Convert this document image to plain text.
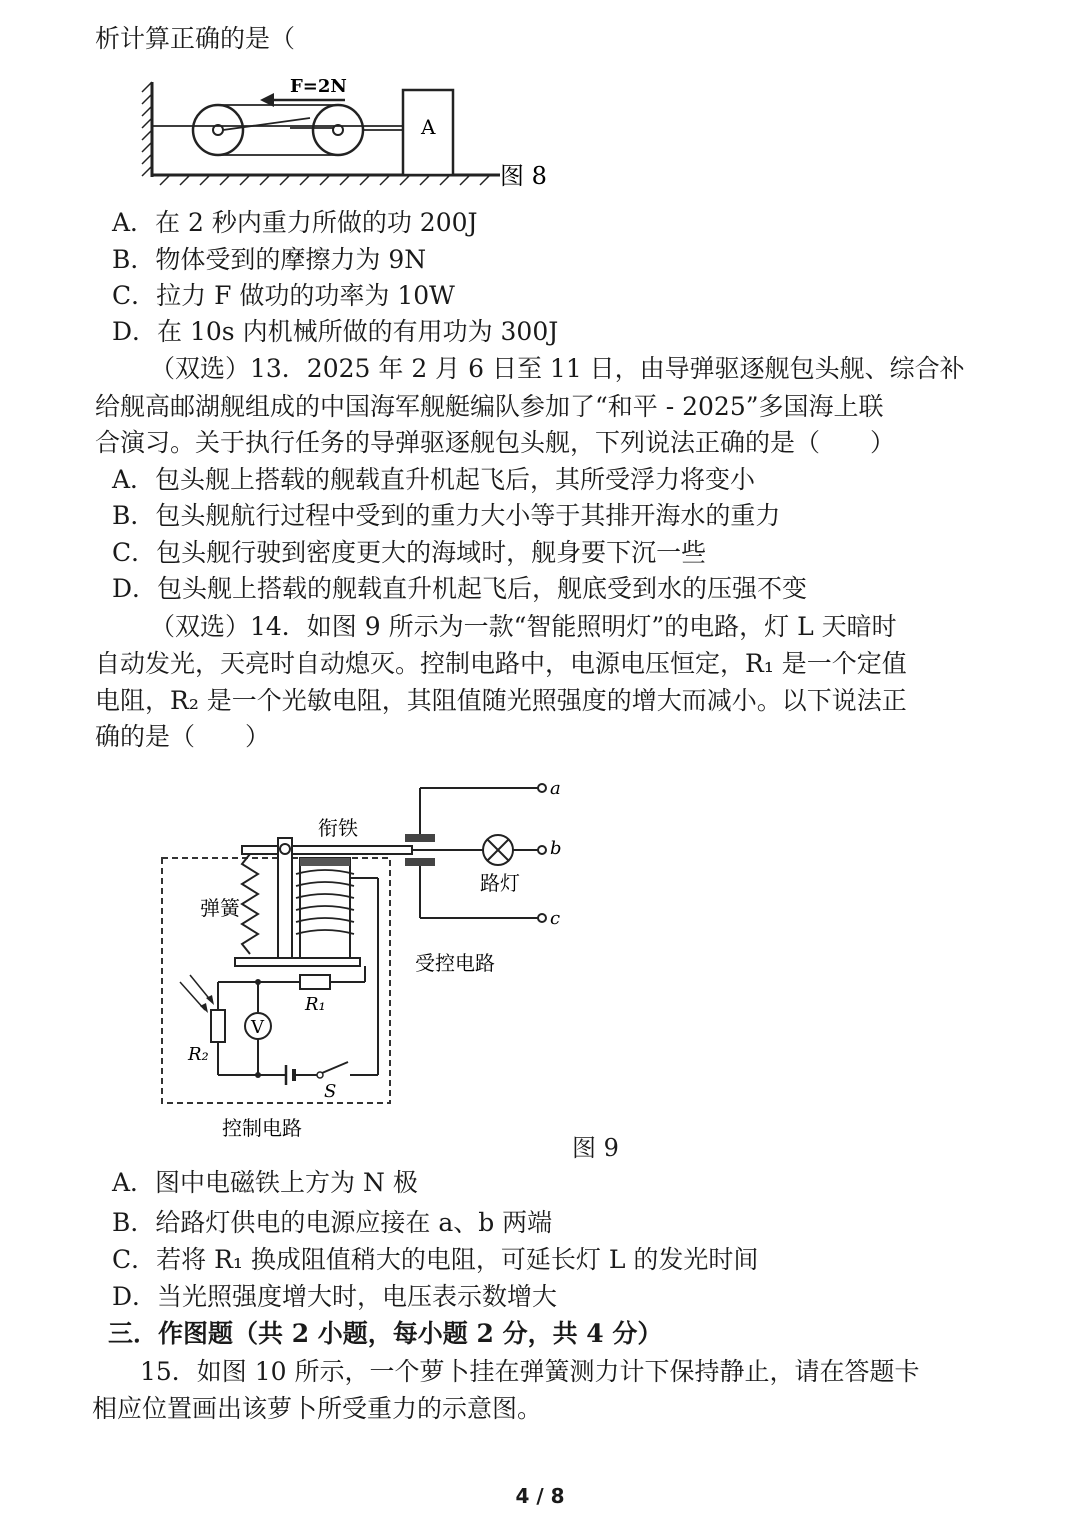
析计算正确的是（
F=2N
A
图 8
A．在 2 秒内重力所做的功 200J
B．物体受到的摩擦力为 9N
C．拉力 F 做功的功率为 10W
D．在 10s 内机械所做的有用功为 300J
（双选）13．2025 年 2 月 6 日至 11 日，由导弹驱逐舰包头舰、综合补
给舰高邮湖舰组成的中国海军舰艇编队参加了“和平 - 2025”多国海上联
合演习。关于执行任务的导弹驱逐舰包头舰，下列说法正确的是（　　）
A．包头舰上搭载的舰载直升机起飞后，其所受浮力将变小
B．包头舰航行过程中受到的重力大小等于其排开海水的重力
C．包头舰行驶到密度更大的海域时，舰身要下沉一些
D．包头舰上搭载的舰载直升机起飞后，舰底受到水的压强不变
（双选）14．如图 9 所示为一款“智能照明灯”的电路，灯 L 天暗时
自动发光，天亮时自动熄灭。控制电路中，电源电压恒定，R₁ 是一个定值
电阻，R₂ 是一个光敏电阻，其阻值随光照强度的增大而减小。以下说法正
确的是（　　）
弹簧
衔铁
a
b
路灯
c
受控电路
R₁
R₂
V
S
控制电路
图 9
A．图中电磁铁上方为 N 极
B．给路灯供电的电源应接在 a、b 两端
C．若将 R₁ 换成阻值稍大的电阻，可延长灯 L 的发光时间
D．当光照强度增大时，电压表示数增大
三．作图题（共 2 小题，每小题 2 分，共 4 分）
15．如图 10 所示，一个萝卜挂在弹簧测力计下保持静止，请在答题卡
相应位置画出该萝卜所受重力的示意图。
4 / 8
